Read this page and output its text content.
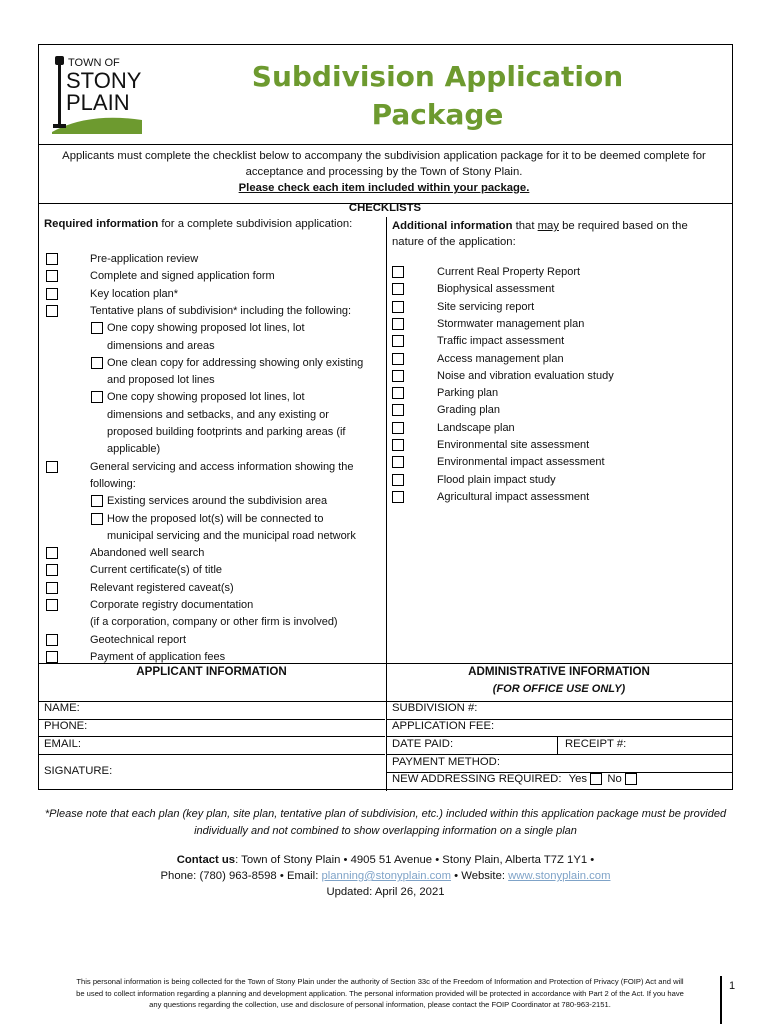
TOWN OF
STONY
PLAIN
Subdivision Application
Package
Applicants must complete the checklist below to accompany the subdivision application package for it to be deemed complete for
acceptance and processing by the Town of Stony Plain.
Please check each item included within your package.
CHECKLISTS
Required information for a complete subdivision application:	Additional information that may be required based on the nature of the application:
Pre-application review
Complete and signed application form
Key location plan*
Tentative plans of subdivision* including the following:
One copy showing proposed lot lines, lot
dimensions and areas
One clean copy for addressing showing only existing
and proposed lot lines
One copy showing proposed lot lines, lot
dimensions and setbacks, and any existing or
proposed building footprints and parking areas (if
applicable)
General servicing and access information showing the
following:
Existing services around the subdivision area
How the proposed lot(s) will be connected to
municipal servicing and the municipal road network
Abandoned well search
Current certificate(s) of title
Relevant registered caveat(s)
Corporate registry documentation
(if a corporation, company or other firm is involved)
Geotechnical report
Payment of application fees
Current Real Property Report
Biophysical assessment
Site servicing report
Stormwater management plan
Traffic impact assessment
Access management plan
Noise and vibration evaluation study
Parking plan
Grading plan
Landscape plan
Environmental site assessment
Environmental impact assessment
Flood plain impact study
Agricultural impact assessment
APPLICANT INFORMATION
NAME:
PHONE:
EMAIL:
SIGNATURE:
ADMINISTRATIVE INFORMATION
(FOR OFFICE USE ONLY)
SUBDIVISION #:
APPLICATION FEE:
DATE PAID:	RECEIPT #:
PAYMENT METHOD:
NEW ADDRESSING REQUIRED: Yes No
*Please note that each plan (key plan, site plan, tentative plan of subdivision, etc.) included within this application package must be provided
individually and not combined to show overlapping information on a single plan
Contact us: Town of Stony Plain • 4905 51 Avenue • Stony Plain, Alberta T7Z 1Y1 •
Phone: (780) 963-8598 • Email: planning@stonyplain.com • Website: www.stonyplain.com
Updated: April 26, 2021
This personal information is being collected for the Town of Stony Plain under the authority of Section 33c of the Freedom of Information and Protection of Privacy (FOIP) Act and will
be used to collect information regarding a planning and development application. The personal information provided will be protected in accordance with Part 2 of the Act. If you have
any questions regarding the collection, use and disclosure of personal information, please contact the FOIP Coordinator at 780-963-2151.
1
